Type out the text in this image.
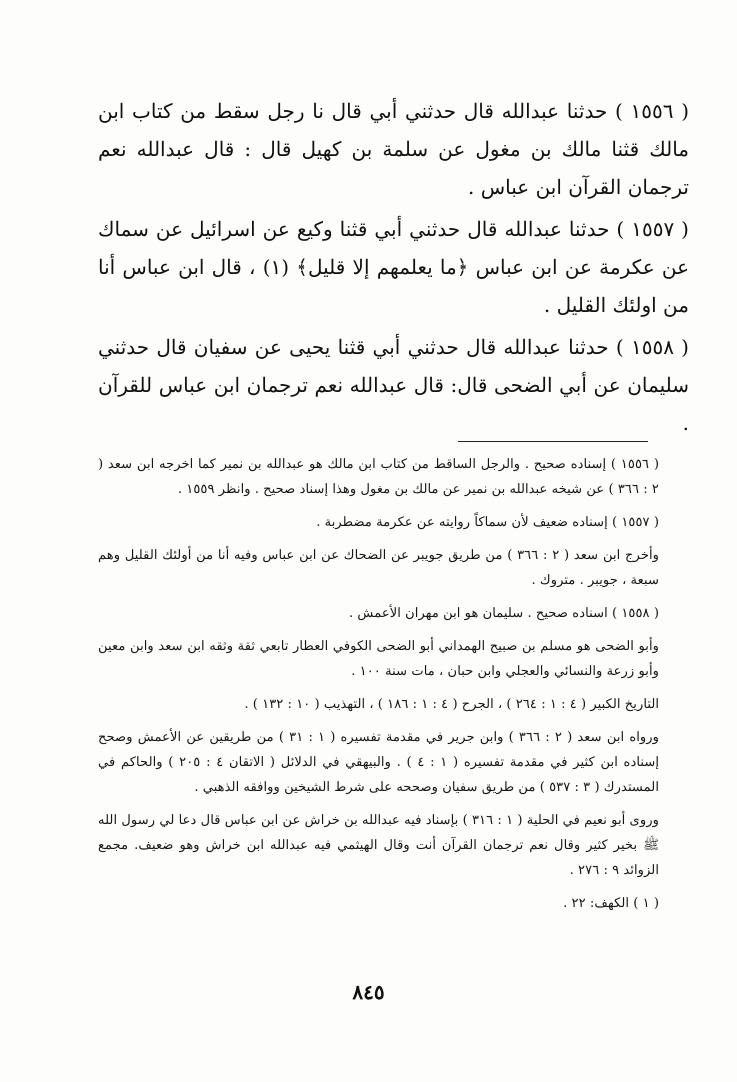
( ١٥٥٦ ) حدثنا عبدالله قال حدثني أبي قال نا رجل سقط من كتاب ابن مالك قثنا مالك بن مغول عن سلمة بن كهيل قال : قال عبدالله نعم ترجمان القرآن ابن عباس .

( ١٥٥٧ ) حدثنا عبدالله قال حدثني أبي قثنا وكيع عن اسرائيل عن سماك عن عكرمة عن ابن عباس ﴿ما يعلمهم إلا قليل﴾ (١) ، قال ابن عباس أنا من اولئك القليل .

( ١٥٥٨ ) حدثنا عبدالله قال حدثني أبي قثنا يحيى عن سفيان قال حدثني سليمان عن أبي الضحى قال: قال عبدالله نعم ترجمان ابن عباس للقرآن .

( ١٥٥٦ ) إسناده صحيح . والرجل الساقط من كتاب ابن مالك هو عبدالله بن نمير كما اخرجه ابن سعد ( ٢ : ٣٦٦ ) عن شيخه عبدالله بن نمير عن مالك بن مغول وهذا إسناد صحيح . وانظر ١٥٥٩ .

( ١٥٥٧ ) إسناده ضعيف لأن سماكاً روايته عن عكرمة مضطربة .

وأخرج ابن سعد ( ٢ : ٣٦٦ ) من طريق جويبر عن الضحاك عن ابن عباس وفيه أنا من أولئك القليل وهم سبعة ، جويبر . متروك .

( ١٥٥٨ ) اسناده صحيح . سليمان هو ابن مهران الأعمش .

وأبو الضحى هو مسلم بن صبيح الهمداني أبو الضحى الكوفي العطار تابعي ثقة وثقه ابن سعد وابن معين وأبو زرعة والنسائي والعجلي وابن حبان ، مات سنة ١٠٠ .

التاريخ الكبير ( ٤ : ١ : ٢٦٤ ) ، الجرح ( ٤ : ١ : ١٨٦ ) ، التهذيب ( ١٠ : ١٣٢ ) .

ورواه ابن سعد ( ٢ : ٣٦٦ ) وابن جرير في مقدمة تفسيره ( ١ : ٣١ ) من طريقين عن الأعمش وصحح إسناده ابن كثير في مقدمة تفسيره ( ١ : ٤ ) . والبيهقي في الدلائل ( الاتقان ٤ : ٢٠٥ ) والحاكم في المستدرك ( ٣ : ٥٣٧ ) من طريق سفيان وصححه على شرط الشيخين ووافقه الذهبي .

وروى أبو نعيم في الحلية ( ١ : ٣١٦ ) بإسناد فيه عبدالله بن خراش عن ابن عباس قال دعا لي رسول الله ﷺ بخير كثير وقال نعم ترجمان القرآن أنت وقال الهيثمي فيه عبدالله ابن خراش وهو ضعيف. مجمع الزوائد ٩ : ٢٧٦ .

( ١ ) الكهف: ٢٢ .

٨٤٥
